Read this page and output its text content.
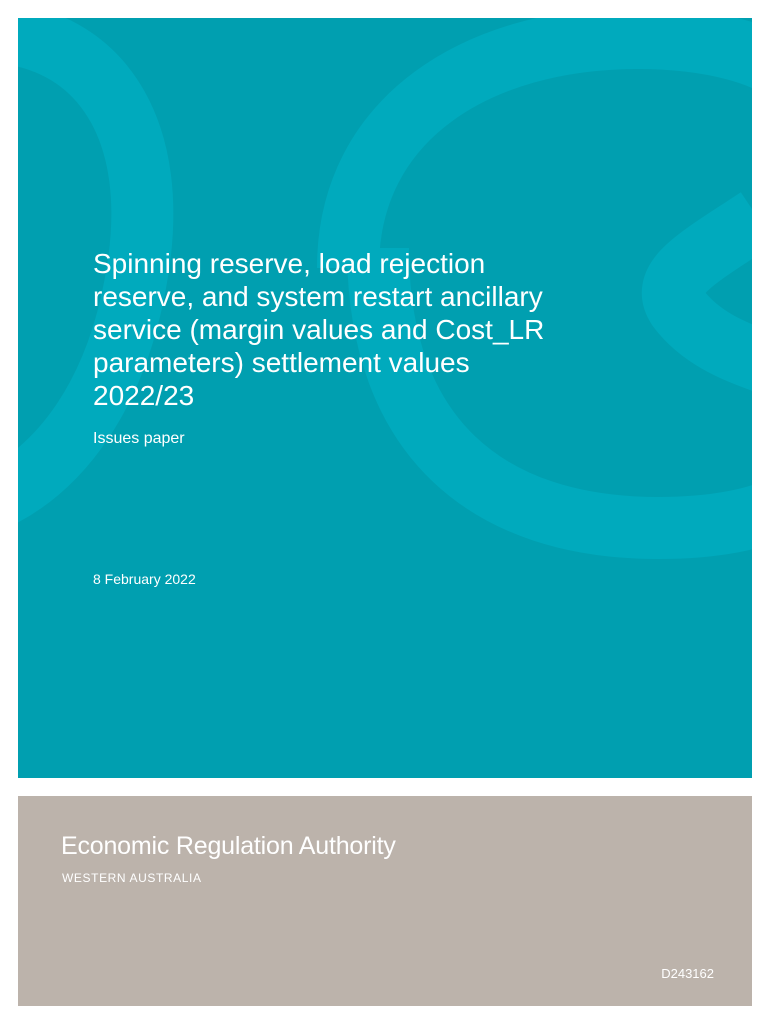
Spinning reserve, load rejection reserve, and system restart ancillary service (margin values and Cost_LR parameters) settlement values 2022/23

Issues paper

8 February 2022

Economic Regulation Authority

WESTERN AUSTRALIA

D243162
